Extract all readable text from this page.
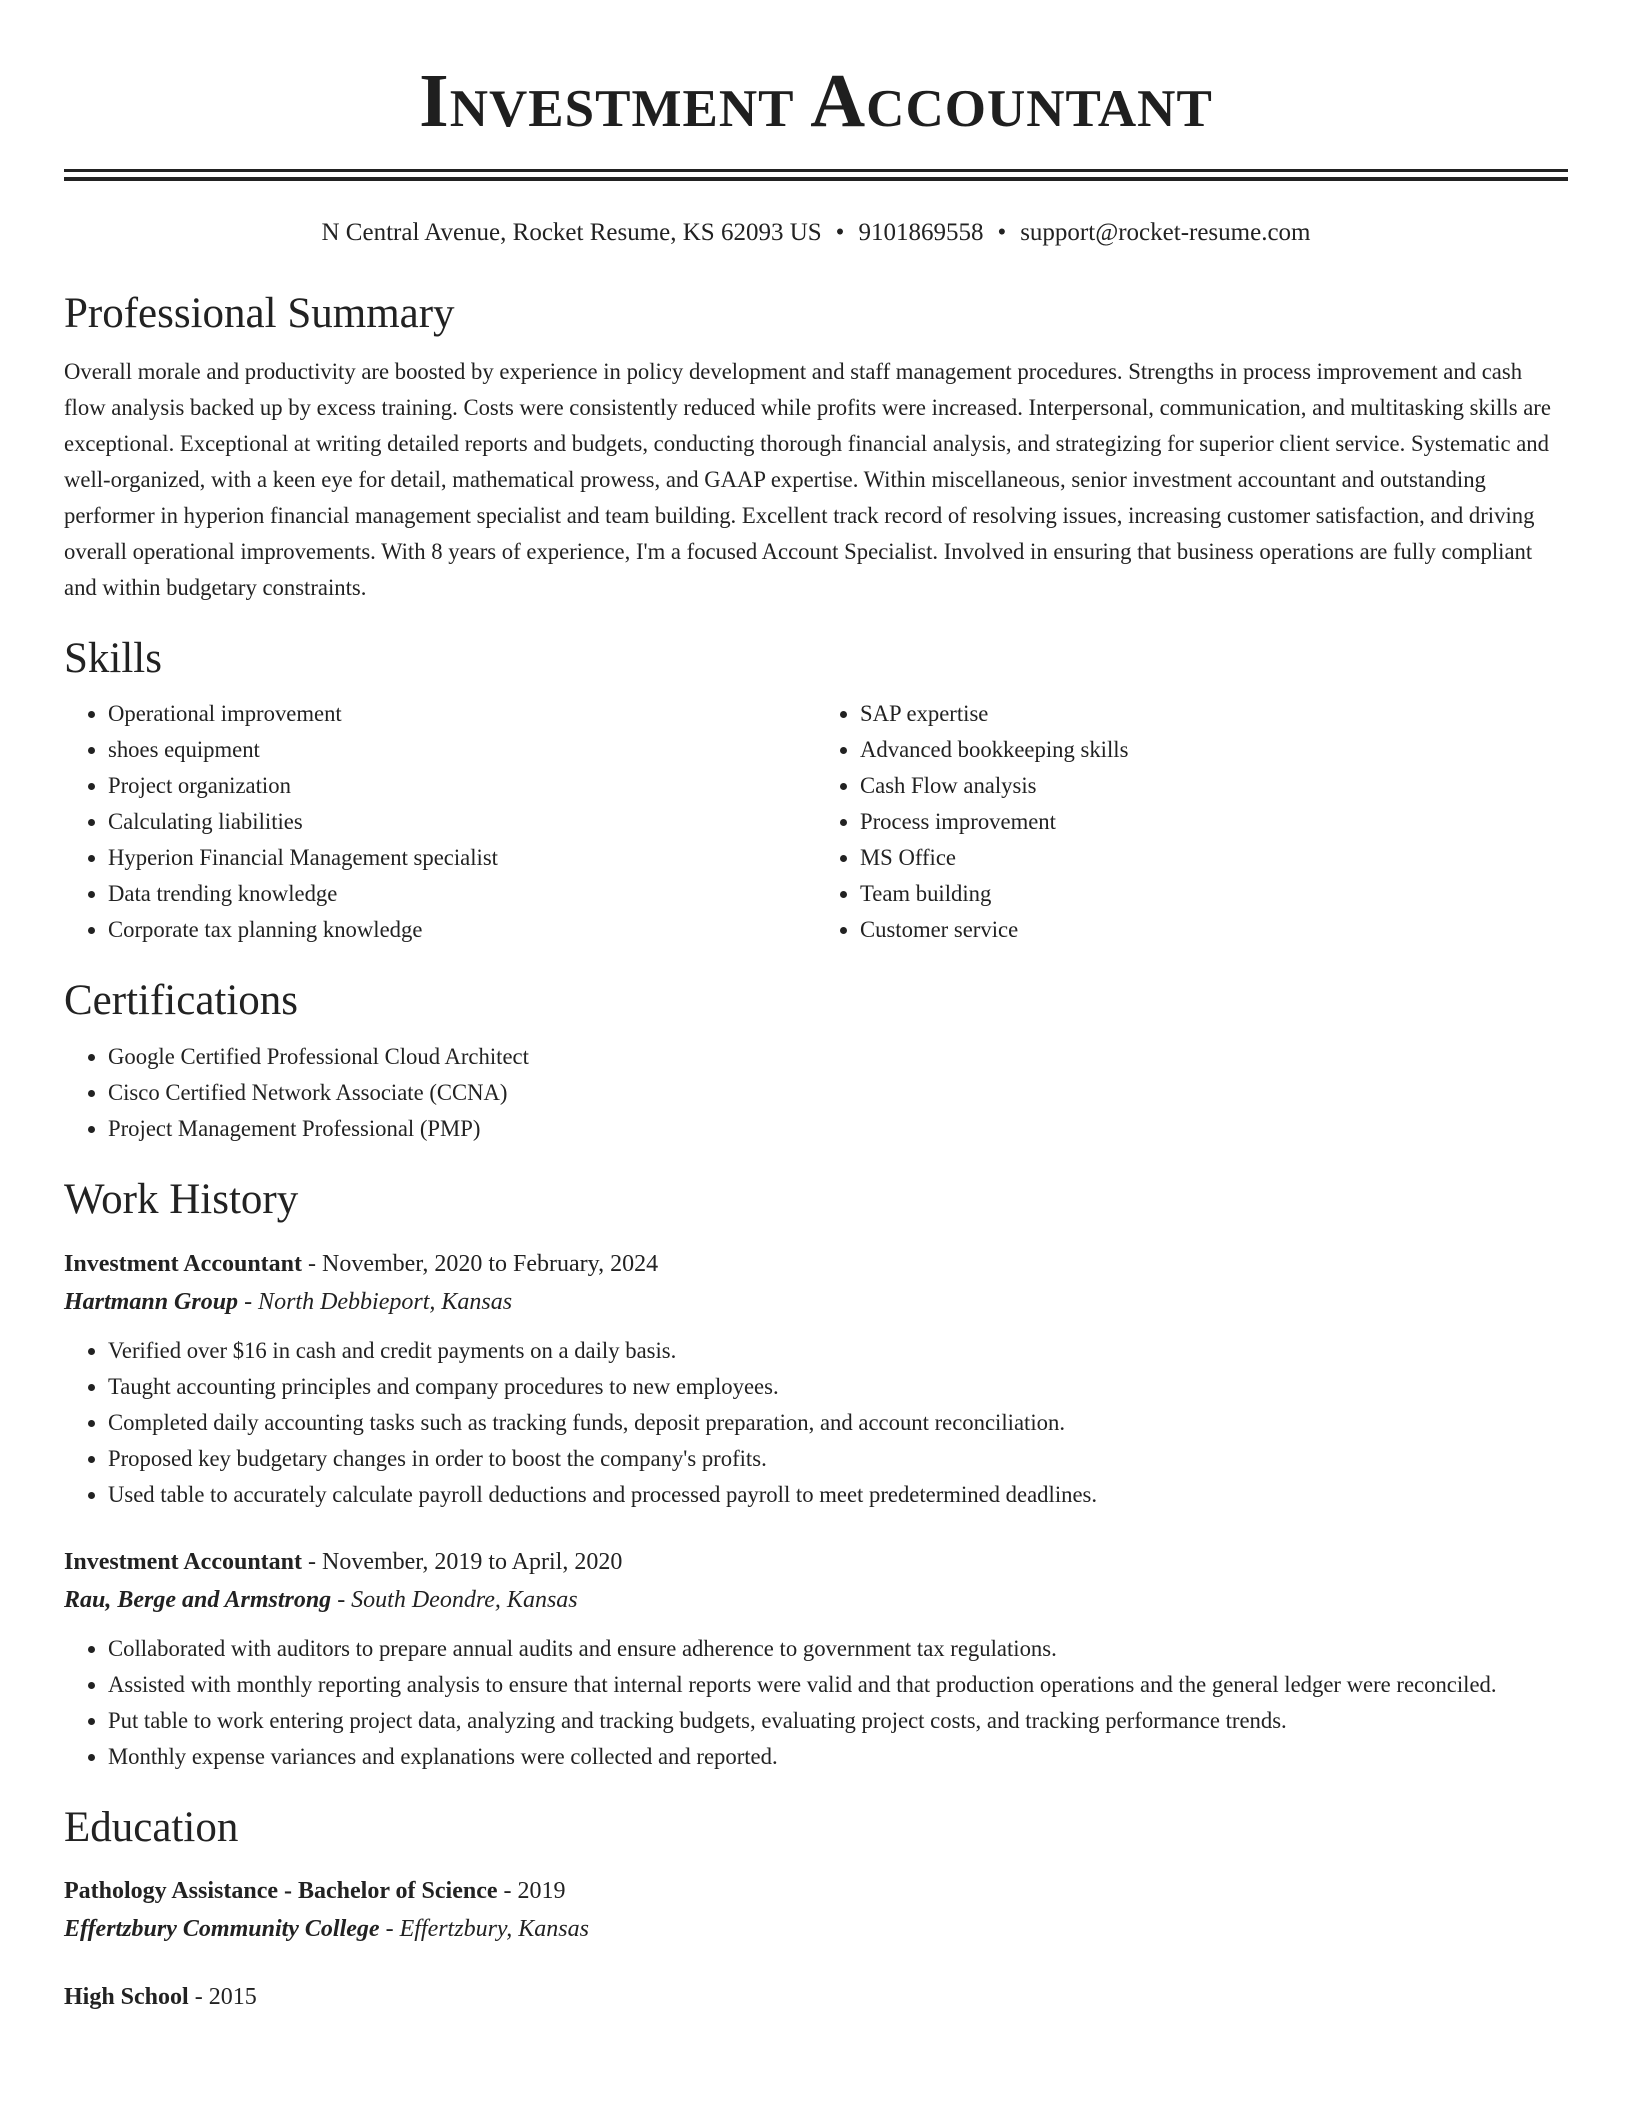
Investment Accountant
N Central Avenue, Rocket Resume, KS 62093 US • 9101869558 • support@rocket-resume.com
Professional Summary

Overall morale and productivity are boosted by experience in policy development and staff management procedures. Strengths in process improvement and cash flow analysis backed up by excess training. Costs were consistently reduced while profits were increased. Interpersonal, communication, and multitasking skills are exceptional. Exceptional at writing detailed reports and budgets, conducting thorough financial analysis, and strategizing for superior client service. Systematic and well-organized, with a keen eye for detail, mathematical prowess, and GAAP expertise. Within miscellaneous, senior investment accountant and outstanding performer in hyperion financial management specialist and team building. Excellent track record of resolving issues, increasing customer satisfaction, and driving overall operational improvements. With 8 years of experience, I'm a focused Account Specialist. Involved in ensuring that business operations are fully compliant and within budgetary constraints.

Skills
• Operational improvement
• shoes equipment
• Project organization
• Calculating liabilities
• Hyperion Financial Management specialist
• Data trending knowledge
• Corporate tax planning knowledge
• SAP expertise
• Advanced bookkeeping skills
• Cash Flow analysis
• Process improvement
• MS Office
• Team building
• Customer service
Certifications
• Google Certified Professional Cloud Architect
• Cisco Certified Network Associate (CCNA)
• Project Management Professional (PMP)
Work History
Investment Accountant - November, 2020 to February, 2024
Hartmann Group - North Debbieport, Kansas
• Verified over $16 in cash and credit payments on a daily basis.
• Taught accounting principles and company procedures to new employees.
• Completed daily accounting tasks such as tracking funds, deposit preparation, and account reconciliation.
• Proposed key budgetary changes in order to boost the company's profits.
• Used table to accurately calculate payroll deductions and processed payroll to meet predetermined deadlines.
Investment Accountant - November, 2019 to April, 2020
Rau, Berge and Armstrong - South Deondre, Kansas
• Collaborated with auditors to prepare annual audits and ensure adherence to government tax regulations.
• Assisted with monthly reporting analysis to ensure that internal reports were valid and that production operations and the general ledger were reconciled.
• Put table to work entering project data, analyzing and tracking budgets, evaluating project costs, and tracking performance trends.
• Monthly expense variances and explanations were collected and reported.
Education
Pathology Assistance - Bachelor of Science - 2019
Effertzbury Community College - Effertzbury, Kansas
High School - 2015
